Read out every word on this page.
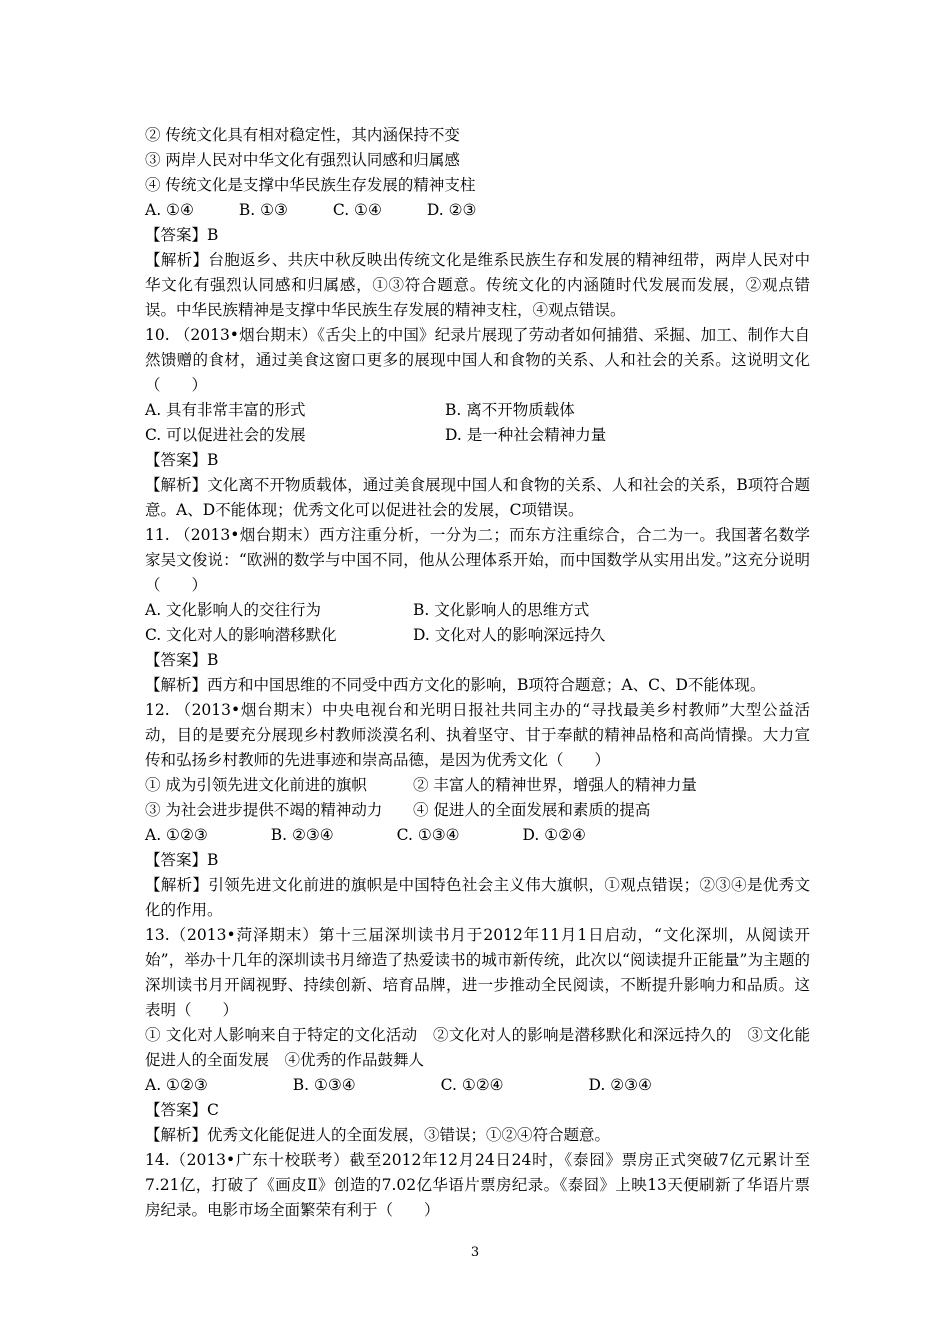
② 传统文化具有相对稳定性，其内涵保持不变
③ 两岸人民对中华文化有强烈认同感和归属感
④ 传统文化是支撑中华民族生存发展的精神支柱
A. ①④	B. ①③	C. ①④	D. ②③
【答案】B
【解析】台胞返乡、共庆中秋反映出传统文化是维系民族生存和发展的精神纽带，两岸人民对中华文化有强烈认同感和归属感，①③符合题意。传统文化的内涵随时代发展而发展，②观点错误。中华民族精神是支撑中华民族生存发展的精神支柱，④观点错误。
10. （2013•烟台期末）《舌尖上的中国》纪录片展现了劳动者如何捕猎、采掘、加工、制作大自然馈赠的食材，通过美食这窗口更多的展现中国人和食物的关系、人和社会的关系。这说明文化（　　）
A. 具有非常丰富的形式	B. 离不开物质载体
C. 可以促进社会的发展	D. 是一种社会精神力量
【答案】B
【解析】文化离不开物质载体，通过美食展现中国人和食物的关系、人和社会的关系，B项符合题意。A、D不能体现；优秀文化可以促进社会的发展，C项错误。
11. （2013•烟台期末）西方注重分析，一分为二；而东方注重综合，合二为一。我国著名数学家吴文俊说：“欧洲的数学与中国不同，他从公理体系开始，而中国数学从实用出发。”这充分说明（　　）
A. 文化影响人的交往行为	B. 文化影响人的思维方式
C. 文化对人的影响潜移默化	D. 文化对人的影响深远持久
【答案】B
【解析】西方和中国思维的不同受中西方文化的影响，B项符合题意；A、C、D不能体现。
12. （2013•烟台期末）中央电视台和光明日报社共同主办的“寻找最美乡村教师”大型公益活动，目的是要充分展现乡村教师淡漠名利、执着坚守、甘于奉献的精神品格和高尚情操。大力宣传和弘扬乡村教师的先进事迹和崇高品德，是因为优秀文化（　　）
① 成为引领先进文化前进的旗帜	② 丰富人的精神世界，增强人的精神力量
③ 为社会进步提供不竭的精神动力	④ 促进人的全面发展和素质的提高
A. ①②③	B. ②③④	C. ①③④	D. ①②④
【答案】B
【解析】引领先进文化前进的旗帜是中国特色社会主义伟大旗帜，①观点错误；②③④是优秀文化的作用。
13.（2013•菏泽期末）第十三届深圳读书月于2012年11月1日启动，“文化深圳，从阅读开始”，举办十几年的深圳读书月缔造了热爱读书的城市新传统，此次以“阅读提升正能量”为主题的深圳读书月开阔视野、持续创新、培育品牌，进一步推动全民阅读，不断提升影响力和品质。这表明（　　）
① 文化对人影响来自于特定的文化活动　②文化对人的影响是潜移默化和深远持久的　③文化能促进人的全面发展　④优秀的作品鼓舞人
A. ①②③	B. ①③④	C. ①②④	D. ②③④
【答案】C
【解析】优秀文化能促进人的全面发展，③错误；①②④符合题意。
14.（2013•广东十校联考）截至2012年12月24日24时，《泰囧》票房正式突破7亿元累计至7.21亿，打破了《画皮Ⅱ》创造的7.02亿华语片票房纪录。《泰囧》上映13天便刷新了华语片票房纪录。电影市场全面繁荣有利于（　　）
3
